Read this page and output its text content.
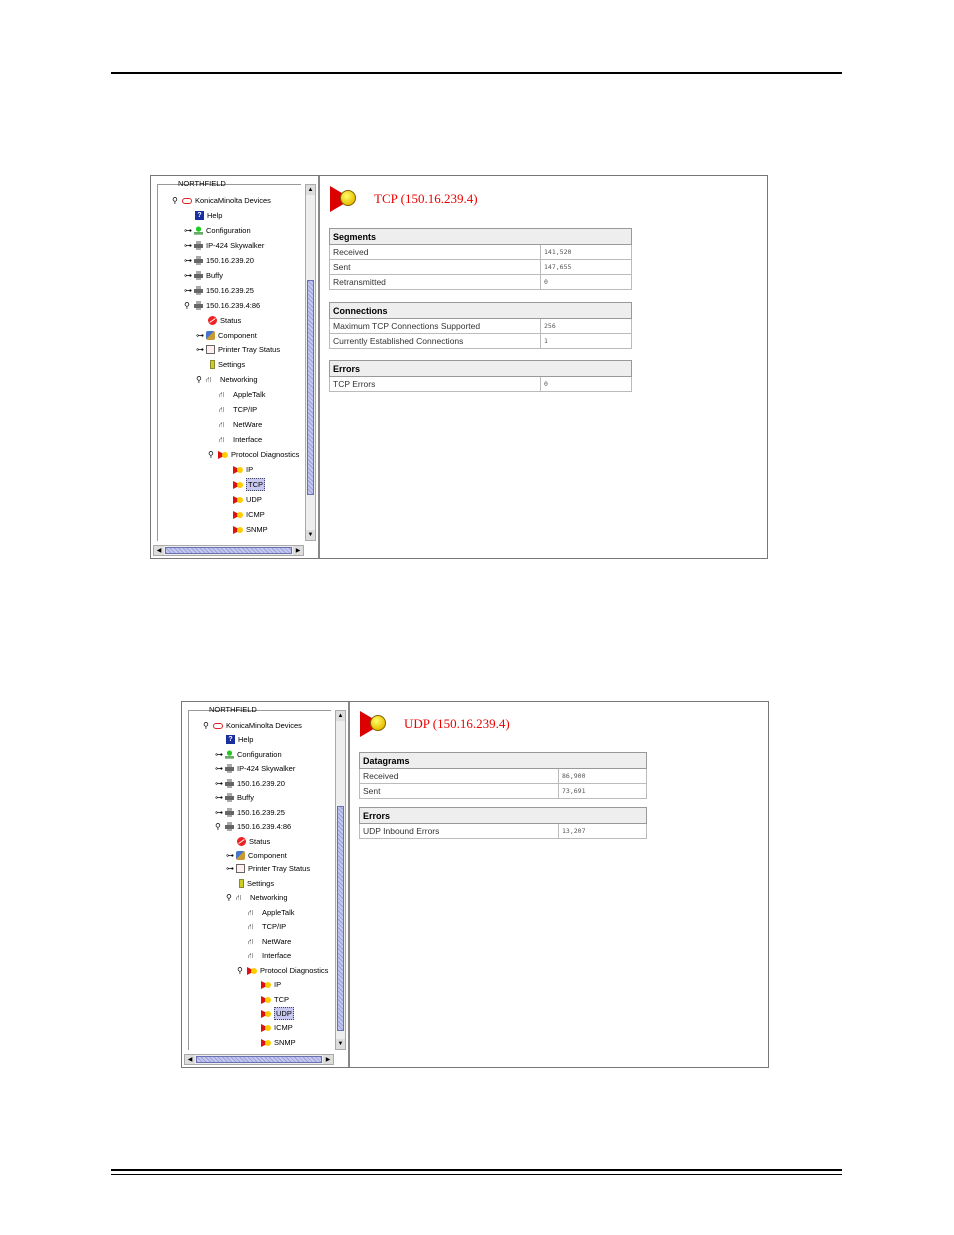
NORTHFIELD
⚲ KonicaMinolta Devices
? Help
⊶ Configuration
⊶ IP-424 Skywalker
⊶ 150.16.239.20
⊶ Buffy
⊶ 150.16.239.25
⚲ 150.16.239.4:86
Status
⊶ Component
⊶ Printer Tray Status
Settings
⚲ ⛙	Networking
⛙	AppleTalk
⛙	TCP/IP
⛙	NetWare
⛙	Interface
⚲ Protocol Diagnostics
IP
TCP
UDP
ICMP
SNMP
▲
▼
◀	▶
TCP (150.16.239.4)
Segments	
Received	141,520
Sent	147,655
Retransmitted	0
Connections	
Maximum TCP Connections Supported	256
Currently Established Connections	1
Errors
TCP Errors	0
NORTHFIELD
⚲ KonicaMinolta Devices
? Help
⊶ Configuration
⊶ IP-424 Skywalker
⊶ 150.16.239.20
⊶ Buffy
⊶ 150.16.239.25
⚲ 150.16.239.4:86
Status
⊶ Component
⊶ Printer Tray Status
Settings
⚲ ⛙	Networking
⛙	AppleTalk
⛙	TCP/IP
⛙	NetWare
⛙	Interface
⚲ Protocol Diagnostics
IP
TCP
UDP
ICMP
SNMP
▲
▼
◀	▶
UDP (150.16.239.4)
Datagrams	
Received	86,900
Sent	73,691
Errors
UDP Inbound Errors	13,207
